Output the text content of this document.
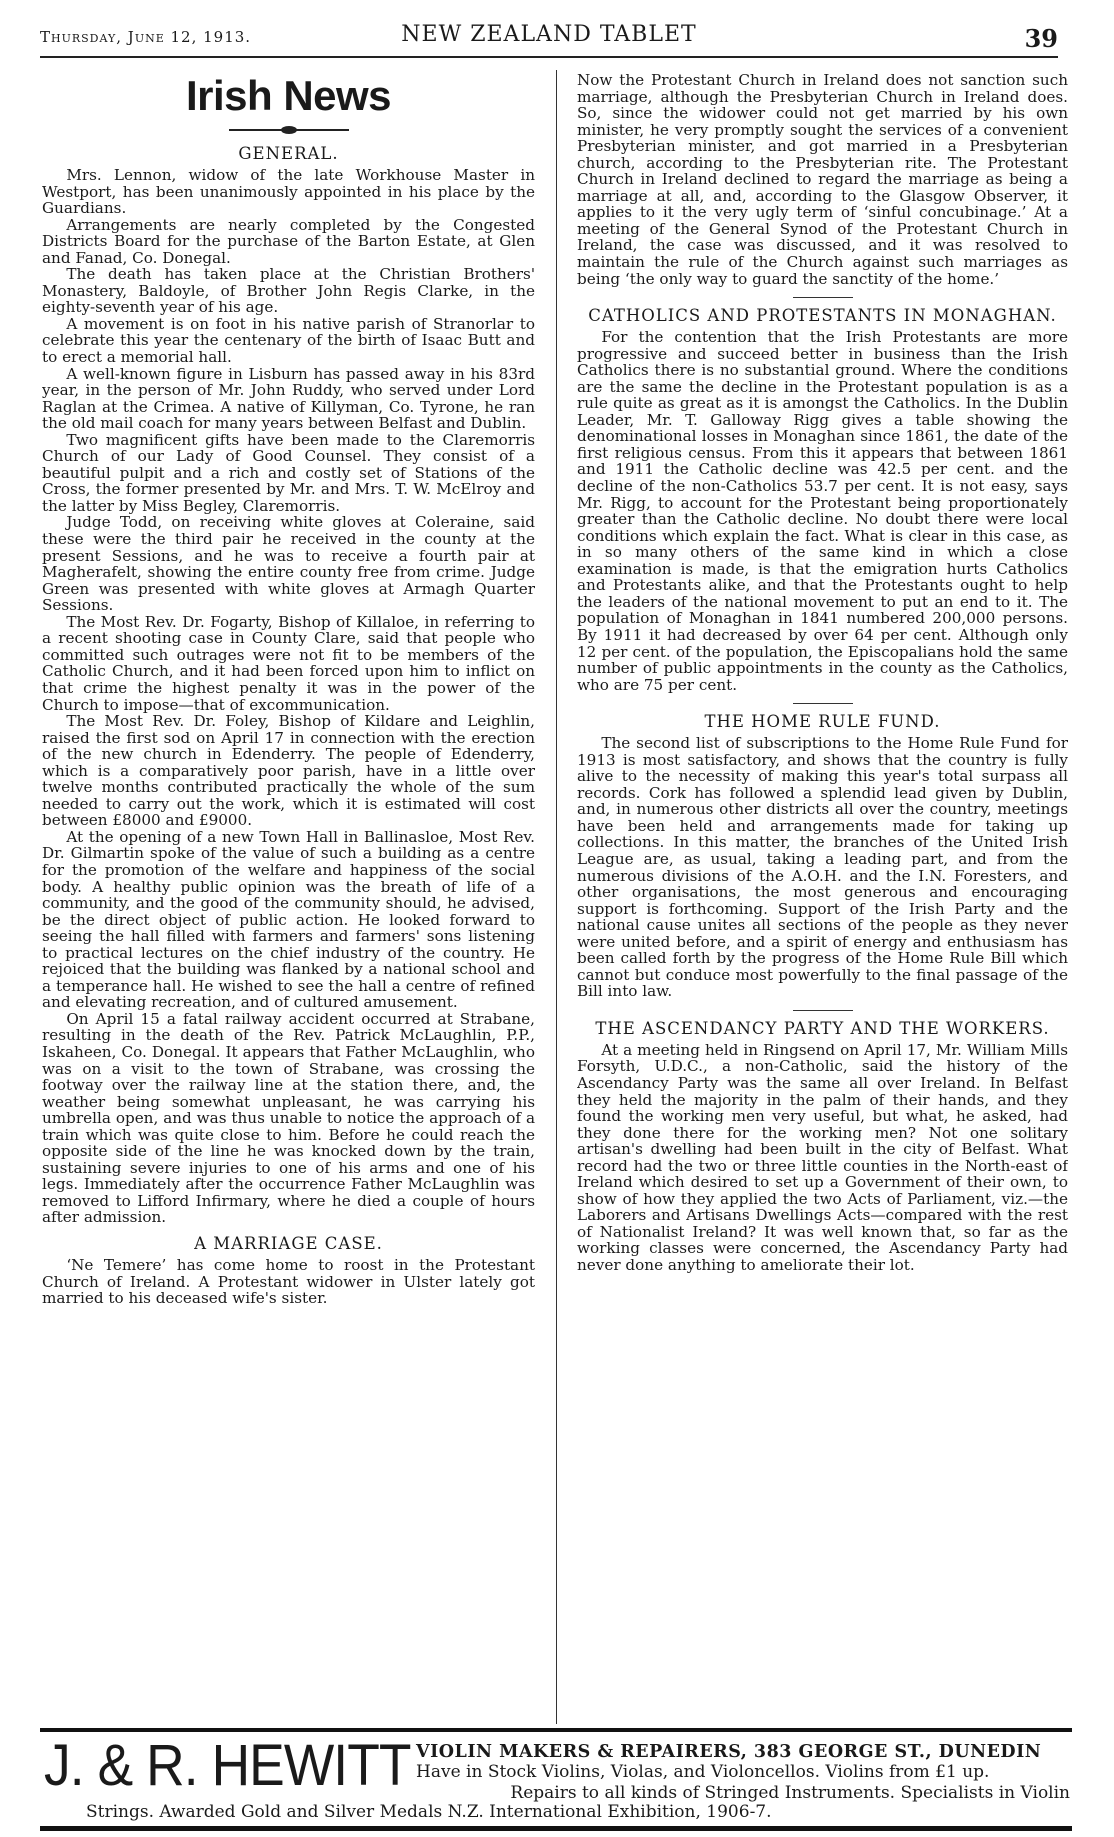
Thursday, June 12, 1913.	NEW ZEALAND TABLET	39
Irish News
GENERAL.

Mrs. Lennon, widow of the late Workhouse Master in Westport, has been unanimously appointed in his place by the Guardians.

Arrangements are nearly completed by the Congested Districts Board for the purchase of the Barton Estate, at Glen and Fanad, Co. Donegal.

The death has taken place at the Christian Brothers' Monastery, Baldoyle, of Brother John Regis Clarke, in the eighty-seventh year of his age.

A movement is on foot in his native parish of Stranorlar to celebrate this year the centenary of the birth of Isaac Butt and to erect a memorial hall.

A well-known figure in Lisburn has passed away in his 83rd year, in the person of Mr. John Ruddy, who served under Lord Raglan at the Crimea. A native of Killyman, Co. Tyrone, he ran the old mail coach for many years between Belfast and Dublin.

Two magnificent gifts have been made to the Claremorris Church of our Lady of Good Counsel. They consist of a beautiful pulpit and a rich and costly set of Stations of the Cross, the former presented by Mr. and Mrs. T. W. McElroy and the latter by Miss Begley, Claremorris.

Judge Todd, on receiving white gloves at Coleraine, said these were the third pair he received in the county at the present Sessions, and he was to receive a fourth pair at Magherafelt, showing the entire county free from crime. Judge Green was presented with white gloves at Armagh Quarter Sessions.

The Most Rev. Dr. Fogarty, Bishop of Killaloe, in referring to a recent shooting case in County Clare, said that people who committed such outrages were not fit to be members of the Catholic Church, and it had been forced upon him to inflict on that crime the highest penalty it was in the power of the Church to impose—that of excommunication.

The Most Rev. Dr. Foley, Bishop of Kildare and Leighlin, raised the first sod on April 17 in connection with the erection of the new church in Edenderry. The people of Edenderry, which is a comparatively poor parish, have in a little over twelve months contributed practically the whole of the sum needed to carry out the work, which it is estimated will cost between £8000 and £9000.

At the opening of a new Town Hall in Ballinasloe, Most Rev. Dr. Gilmartin spoke of the value of such a building as a centre for the promotion of the welfare and happiness of the social body. A healthy public opinion was the breath of life of a community, and the good of the community should, he advised, be the direct object of public action. He looked forward to seeing the hall filled with farmers and farmers' sons listening to practical lectures on the chief industry of the country. He rejoiced that the building was flanked by a national school and a temperance hall. He wished to see the hall a centre of refined and elevating recreation, and of cultured amusement.

On April 15 a fatal railway accident occurred at Strabane, resulting in the death of the Rev. Patrick McLaughlin, P.P., Iskaheen, Co. Donegal. It appears that Father McLaughlin, who was on a visit to the town of Strabane, was crossing the footway over the railway line at the station there, and, the weather being somewhat unpleasant, he was carrying his umbrella open, and was thus unable to notice the approach of a train which was quite close to him. Before he could reach the opposite side of the line he was knocked down by the train, sustaining severe injuries to one of his arms and one of his legs. Immediately after the occurrence Father McLaughlin was removed to Lifford Infirmary, where he died a couple of hours after admission.

A MARRIAGE CASE.

‘Ne Temere’ has come home to roost in the Protestant Church of Ireland. A Protestant widower in Ulster lately got married to his deceased wife's sister.

Now the Protestant Church in Ireland does not sanction such marriage, although the Presbyterian Church in Ireland does. So, since the widower could not get married by his own minister, he very promptly sought the services of a convenient Presbyterian minister, and got married in a Presbyterian church, according to the Presbyterian rite. The Protestant Church in Ireland declined to regard the marriage as being a marriage at all, and, according to the Glasgow Observer, it applies to it the very ugly term of ‘sinful concubinage.’ At a meeting of the General Synod of the Protestant Church in Ireland, the case was discussed, and it was resolved to maintain the rule of the Church against such marriages as being ‘the only way to guard the sanctity of the home.’

CATHOLICS AND PROTESTANTS IN MONAGHAN.

For the contention that the Irish Protestants are more progressive and succeed better in business than the Irish Catholics there is no substantial ground. Where the conditions are the same the decline in the Protestant population is as a rule quite as great as it is amongst the Catholics. In the Dublin Leader, Mr. T. Galloway Rigg gives a table showing the denominational losses in Monaghan since 1861, the date of the first religious census. From this it appears that between 1861 and 1911 the Catholic decline was 42.5 per cent. and the decline of the non-Catholics 53.7 per cent. It is not easy, says Mr. Rigg, to account for the Protestant being proportionately greater than the Catholic decline. No doubt there were local conditions which explain the fact. What is clear in this case, as in so many others of the same kind in which a close examination is made, is that the emigration hurts Catholics and Protestants alike, and that the Protestants ought to help the leaders of the national movement to put an end to it. The population of Monaghan in 1841 numbered 200,000 persons. By 1911 it had decreased by over 64 per cent. Although only 12 per cent. of the population, the Episcopalians hold the same number of public appointments in the county as the Catholics, who are 75 per cent.

THE HOME RULE FUND.

The second list of subscriptions to the Home Rule Fund for 1913 is most satisfactory, and shows that the country is fully alive to the necessity of making this year's total surpass all records. Cork has followed a splendid lead given by Dublin, and, in numerous other districts all over the country, meetings have been held and arrangements made for taking up collections. In this matter, the branches of the United Irish League are, as usual, taking a leading part, and from the numerous divisions of the A.O.H. and the I.N. Foresters, and other organisations, the most generous and encouraging support is forthcoming. Support of the Irish Party and the national cause unites all sections of the people as they never were united before, and a spirit of energy and enthusiasm has been called forth by the progress of the Home Rule Bill which cannot but conduce most powerfully to the final passage of the Bill into law.

THE ASCENDANCY PARTY AND THE WORKERS.

At a meeting held in Ringsend on April 17, Mr. William Mills Forsyth, U.D.C., a non-Catholic, said the history of the Ascendancy Party was the same all over Ireland. In Belfast they held the majority in the palm of their hands, and they found the working men very useful, but what, he asked, had they done there for the working men? Not one solitary artisan's dwelling had been built in the city of Belfast. What record had the two or three little counties in the North-east of Ireland which desired to set up a Government of their own, to show of how they applied the two Acts of Parliament, viz.—the Laborers and Artisans Dwellings Acts—compared with the rest of Nationalist Ireland? It was well known that, so far as the working classes were concerned, the Ascendancy Party had never done anything to ameliorate their lot.

J. & R. HEWITT VIOLIN MAKERS & REPAIRERS, 383 GEORGE ST., DUNEDIN
Have in Stock Violins, Violas, and Violoncellos. Violins from £1 up.
Repairs to all kinds of Stringed Instruments. Specialists in Violin
Strings. Awarded Gold and Silver Medals N.Z. International Exhibition, 1906-7.
